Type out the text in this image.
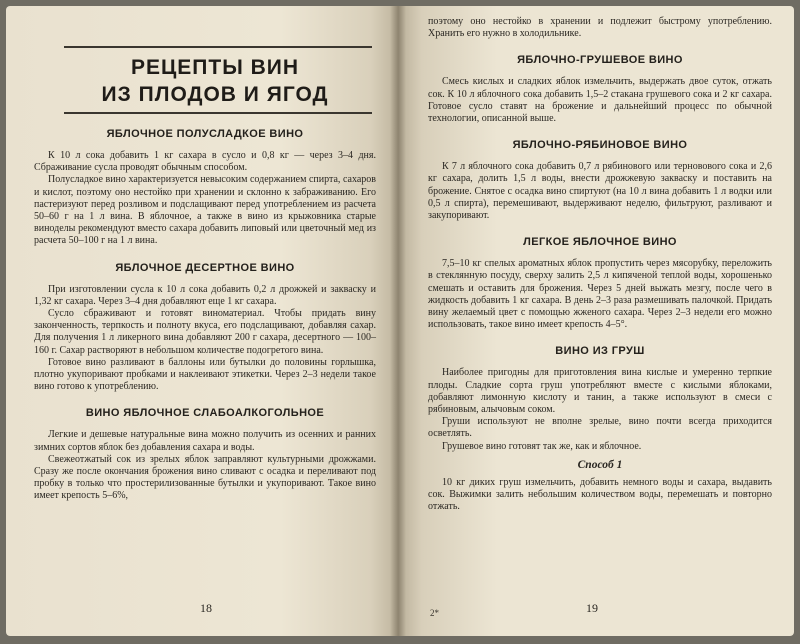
РЕЦЕПТЫ ВИН
ИЗ ПЛОДОВ И ЯГОД
ЯБЛОЧНОЕ ПОЛУСЛАДКОЕ ВИНО

К 10 л сока добавить 1 кг сахара в сусло и 0,8 кг — через 3–4 дня. Сбраживание сусла проводят обычным способом.

Полусладкое вино характеризуется невысоким содержанием спирта, сахаров и кислот, поэтому оно нестойко при хранении и склонно к забраживанию. Его пастеризуют перед розливом и подслащивают перед употреблением из расчета 50–60 г на 1 л вина. В яблочное, а также в вино из крыжовника старые виноделы рекомендуют вместо сахара добавить липовый или цветочный мед из расчета 50–100 г на 1 л вина.

ЯБЛОЧНОЕ ДЕСЕРТНОЕ ВИНО

При изготовлении сусла к 10 л сока добавить 0,2 л дрожжей и закваску и 1,32 кг сахара. Через 3–4 дня добавляют еще 1 кг сахара.

Сусло сбраживают и готовят виноматериал. Чтобы придать вину законченность, терпкость и полноту вкуса, его подслащивают, добавляя сахар. Для получения 1 л ликерного вина добавляют 200 г сахара, десертного — 100–160 г. Сахар растворяют в небольшом количестве подогретого вина.

Готовое вино разливают в баллоны или бутылки до половины горлышка, плотно укупоривают пробками и наклеивают этикетки. Через 2–3 недели такое вино готово к употреблению.

ВИНО ЯБЛОЧНОЕ СЛАБОАЛКОГОЛЬНОЕ

Легкие и дешевые натуральные вина можно получить из осенних и ранних зимних сортов яблок без добавления сахара и воды.

Свежеотжатый сок из зрелых яблок заправляют культурными дрожжами. Сразу же после окончания брожения вино сливают с осадка и переливают под пробку в только что простерилизованные бутылки и укупоривают. Такое вино имеет крепость 5–6%,

18

поэтому оно нестойко в хранении и подлежит быстрому употреблению. Хранить его нужно в холодильнике.

ЯБЛОЧНО-ГРУШЕВОЕ ВИНО

Смесь кислых и сладких яблок измельчить, выдержать двое суток, отжать сок. К 10 л яблочного сока добавить 1,5–2 стакана грушевого сока и 2 кг сахара. Готовое сусло ставят на брожение и дальнейший процесс по обычной технологии, описанной выше.

ЯБЛОЧНО-РЯБИНОВОЕ ВИНО

К 7 л яблочного сока добавить 0,7 л рябинового или терновового сока и 2,6 кг сахара, долить 1,5 л воды, внести дрожжевую закваску и поставить на брожение. Снятое с осадка вино спиртуют (на 10 л вина добавить 1 л водки или 0,5 л спирта), перемешивают, выдерживают неделю, фильтруют, разливают и закупоривают.

ЛЕГКОЕ ЯБЛОЧНОЕ ВИНО

7,5–10 кг спелых ароматных яблок пропустить через мясорубку, переложить в стеклянную посуду, сверху залить 2,5 л кипяченой теплой воды, хорошенько смешать и оставить для брожения. Через 5 дней выжать мезгу, после чего в жидкость добавить 1 кг сахара. В день 2–3 раза размешивать палочкой. Придать вину желаемый цвет с помощью жженого сахара. Через 2–3 недели его можно использовать, такое вино имеет крепость 4–5°.

ВИНО ИЗ ГРУШ

Наиболее пригодны для приготовления вина кислые и умеренно терпкие плоды. Сладкие сорта груш употребляют вместе с кислыми яблоками, добавляют лимонную кислоту и танин, а также используют в смеси с рябиновым, алычовым соком.

Груши используют не вполне зрелые, вино почти всегда приходится осветлять.

Грушевое вино готовят так же, как и яблочное.

Способ 1

10 кг диких груш измельчить, добавить немного воды и сахара, выдавить сок. Выжимки залить небольшим количеством воды, перемешать и повторно отжать.

2*	19
